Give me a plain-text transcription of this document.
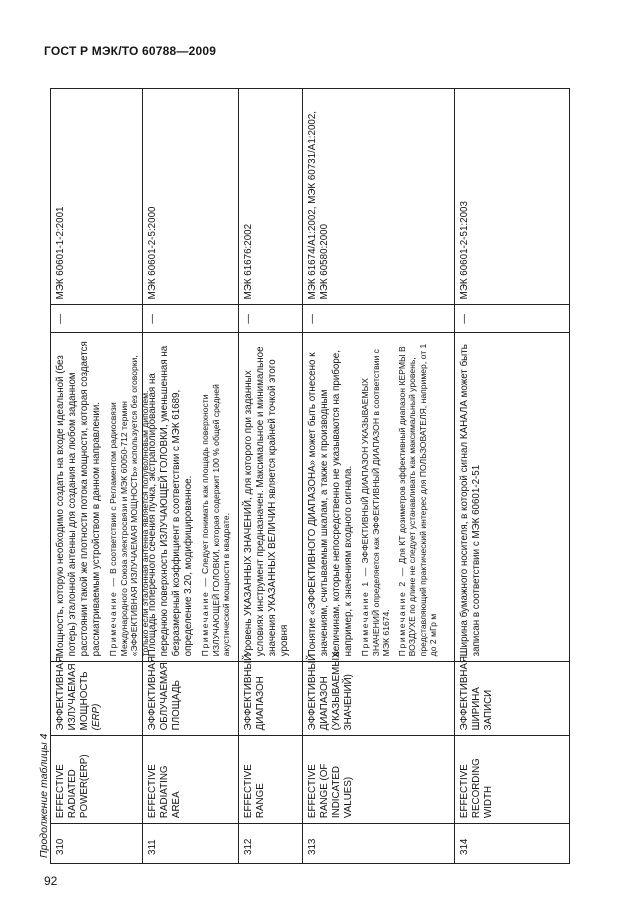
ГОСТ Р МЭК/ТО 60788—2009
Продолжение таблицы 4 310
EFFECTIVE RADIATED POWER(ERP)
ЭФФЕКТИВНАЯ ИЗЛУЧАЕМАЯ МОЩНОСТЬ (ERP)

Мощность, которую необходимо создать на входе идеальной (без потерь) эталонной антенны для создания на любом заданном расстоянии такой же плотности потока мощности, которая создается рассматриваемым устройством в данном направлении. Примечание — В соответствии с Регламентом радиосвязи Международного Союза электросвязи и МЭК 60050-712 термин «ЭФФЕКТИВНАЯ ИЗЛУЧАЕМАЯ МОЩНОСТЬ» используется без оговорки, только если эталонная антенна является полуволновым диполем.
—
МЭК 60601-1-2:2001
311
EFFECTIVE RADIATING AREA
ЭФФЕКТИВНАЯ ОБЛУЧАЕМАЯ ПЛОЩАДЬ

Площадь поперечного сечения пучка, экстраполированная на переднюю поверхность ИЗЛУЧАЮЩЕЙ ГОЛОВКИ, уменьшенная на безразмерный коэффициент в соответствии с МЭК 61689, определение 3.20, модифицированное. Примечание — Следует понимать как площадь поверхности ИЗЛУЧАЮЩЕЙ ГОЛОВКИ, которая содержит 100 % общей средней акустической мощности в квадрате.
—
МЭК 60601-2-5:2000
312
EFFECTIVE RANGE
ЭФФЕКТИВНЫЙ ДИАПАЗОН

Уровень УКАЗАННЫХ ЗНАЧЕНИЙ, для которого при заданных условиях инструмент предназначен. Максимальное и минимальное значения УКАЗАННЫХ ВЕЛИЧИН является крайней точкой этого уровня

—
МЭК 61676:2002
313
EFFECTIVE RANGE (OF INDICATED VALUES)
ЭФФЕКТИВНЫЙ ДИАПАЗОН (УКАЗЫВАЕМЫХ ЗНАЧЕНИЙ)

Понятие «ЭФФЕКТИВНОГО ДИАПАЗОНА» может быть отнесено к значениям, считываемым шкалам, а также к производным величинам, которые непосредственно не указываются на приборе, например, к значениям входного сигнала. Примечание 1 — ЭФФЕКТИВНЫЙ ДИАПАЗОН УКАЗЫВАЕМЫХ ЗНАЧЕНИЙ определяется как ЭФФЕКТИВНЫЙ ДИАПАЗОН в соответствии с МЭК 61674. Примечание 2 — Для КТ дозиметров эффективный диапазон КЕРМЫ В ВОЗДУХЕ по длине не следует устанавливать как максимальный уровень, представляющий практический интерес для ПОЛЬЗОВАТЕЛЯ, например, от 1 до 2 мГр м
—
МЭК 61674/А1:2002, МЭК 60731/А1:2002, МЭК 60580:2000
314
EFFECTIVE RECORDING WIDTH
ЭФФЕКТИВНАЯ ШИРИНА ЗАПИСИ

Ширина бумажного носителя, в которой сигнал КАНАЛА может быть записан в соответствии с МЭК 60601-2-51

—
МЭК 60601-2-51:2003
92
